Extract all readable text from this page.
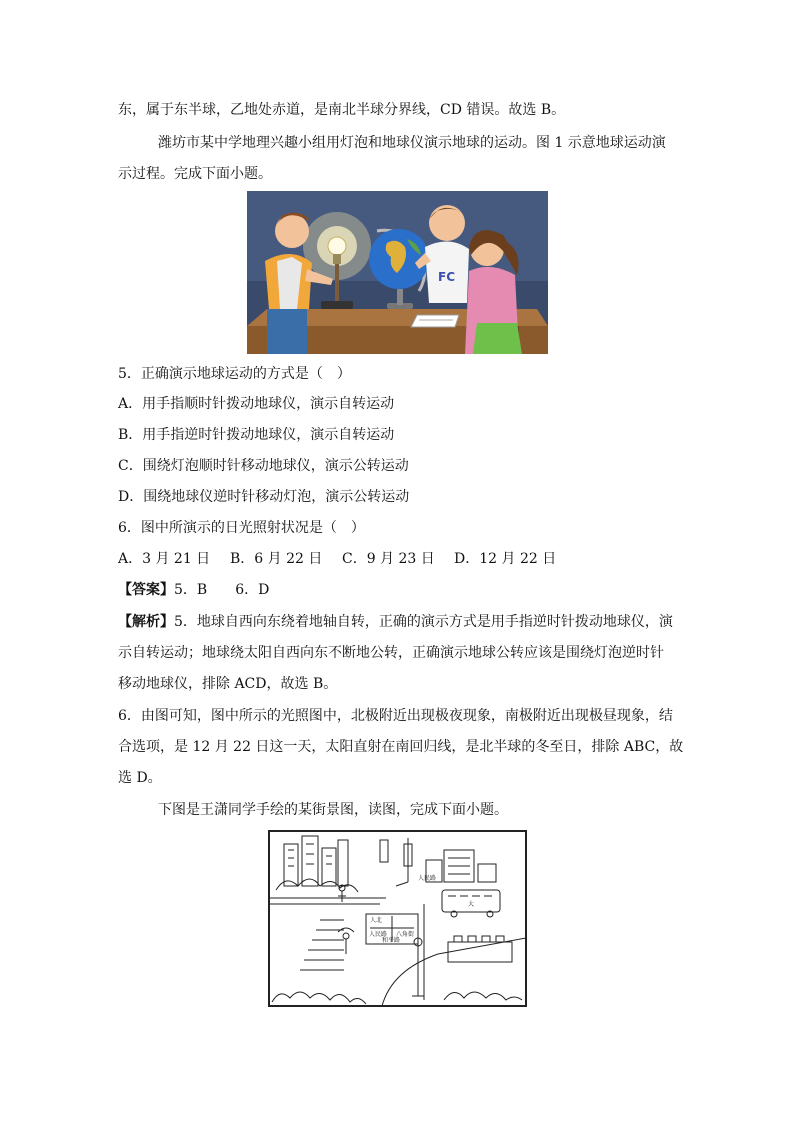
东，属于东半球，乙地处赤道，是南北半球分界线，CD 错误。故选 B。
潍坊市某中学地理兴趣小组用灯泡和地球仪演示地球的运动。图 1 示意地球运动演
示过程。完成下面小题。
FC
5．正确演示地球运动的方式是（　）
A．用手指顺时针拨动地球仪，演示自转运动
B．用手指逆时针拨动地球仪，演示自转运动
C．围绕灯泡顺时针移动地球仪，演示公转运动
D．围绕地球仪逆时针移动灯泡，演示公转运动
6．图中所演示的日光照射状况是（　）
A．3 月 21 日 B．6 月 22 日 C．9 月 23 日 D．12 月 22 日
【答案】5．B　　6．D
【解析】5．地球自西向东绕着地轴自转，正确的演示方式是用手指逆时针拨动地球仪，演
示自转运动；地球绕太阳自西向东不断地公转，正确演示地球公转应该是围绕灯泡逆时针
移动地球仪，排除 ACD，故选 B。
6．由图可知，图中所示的光照图中，北极附近出现极夜现象，南极附近出现极昼现象，结
合选项，是 12 月 22 日这一天，太阳直射在南回归线，是北半球的冬至日，排除 ABC，故
选 D。
下图是王潇同学手绘的某街景图，读图，完成下面小题。
人北
人民路 八角街
和平路
人民路
大
